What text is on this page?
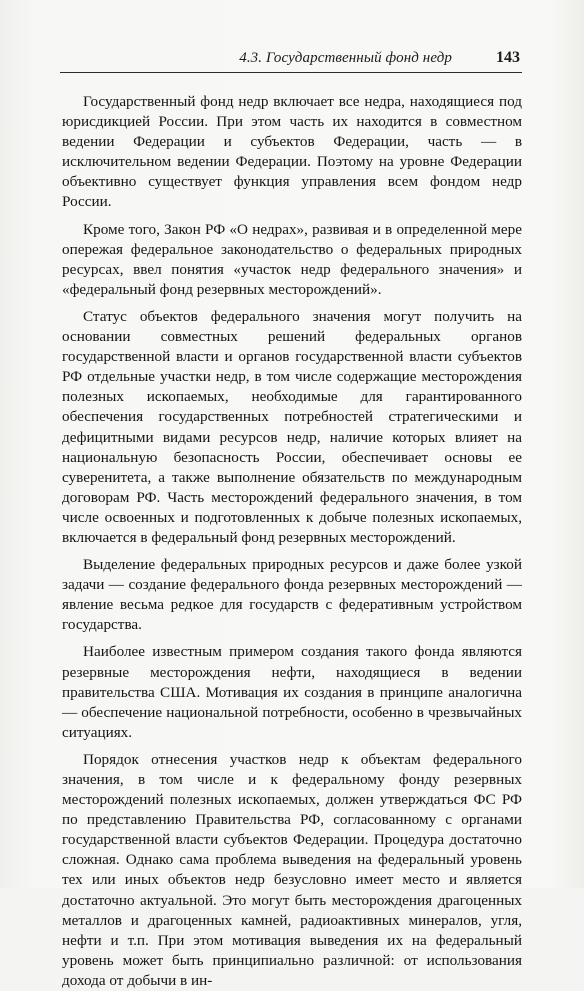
4.3. Государственный фонд недр	143

Государственный фонд недр включает все недра, находящиеся под юрисдикцией России. При этом часть их находится в совместном ведении Федерации и субъектов Федерации, часть — в исключительном ведении Федерации. Поэтому на уровне Федерации объективно существует функция управления всем фондом недр России.

Кроме того, Закон РФ «О недрах», развивая и в определенной мере опережая федеральное законодательство о федеральных природных ресурсах, ввел понятия «участок недр федерального значения» и «федеральный фонд резервных месторождений».

Статус объектов федерального значения могут получить на основании совместных решений федеральных органов государственной власти и органов государственной власти субъектов РФ отдельные участки недр, в том числе содержащие месторождения полезных ископаемых, необходимые для гарантированного обеспечения государственных потребностей стратегическими и дефицитными видами ресурсов недр, наличие которых влияет на национальную безопасность России, обеспечивает основы ее суверенитета, а также выполнение обязательств по международным договорам РФ. Часть месторождений федерального значения, в том числе освоенных и подготовленных к добыче полезных ископаемых, включается в федеральный фонд резервных месторождений.

Выделение федеральных природных ресурсов и даже более узкой задачи — создание федерального фонда резервных месторождений — явление весьма редкое для государств с федеративным устройством государства.

Наиболее известным примером создания такого фонда являются резервные месторождения нефти, находящиеся в ведении правительства США. Мотивация их создания в принципе аналогична — обеспечение национальной потребности, особенно в чрезвычайных ситуациях.

Порядок отнесения участков недр к объектам федерального значения, в том числе и к федеральному фонду резервных месторождений полезных ископаемых, должен утверждаться ФС РФ по представлению Правительства РФ, согласованному с органами государственной власти субъектов Федерации. Процедура достаточно сложная. Однако сама проблема выведения на федеральный уровень тех или иных объектов недр безусловно имеет место и является достаточно актуальной. Это могут быть месторождения драгоценных металлов и драгоценных камней, радиоактивных минералов, угля, нефти и т.п. При этом мотивация выведения их на федеральный уровень может быть принципиально различной: от использования дохода от добычи в ин-
